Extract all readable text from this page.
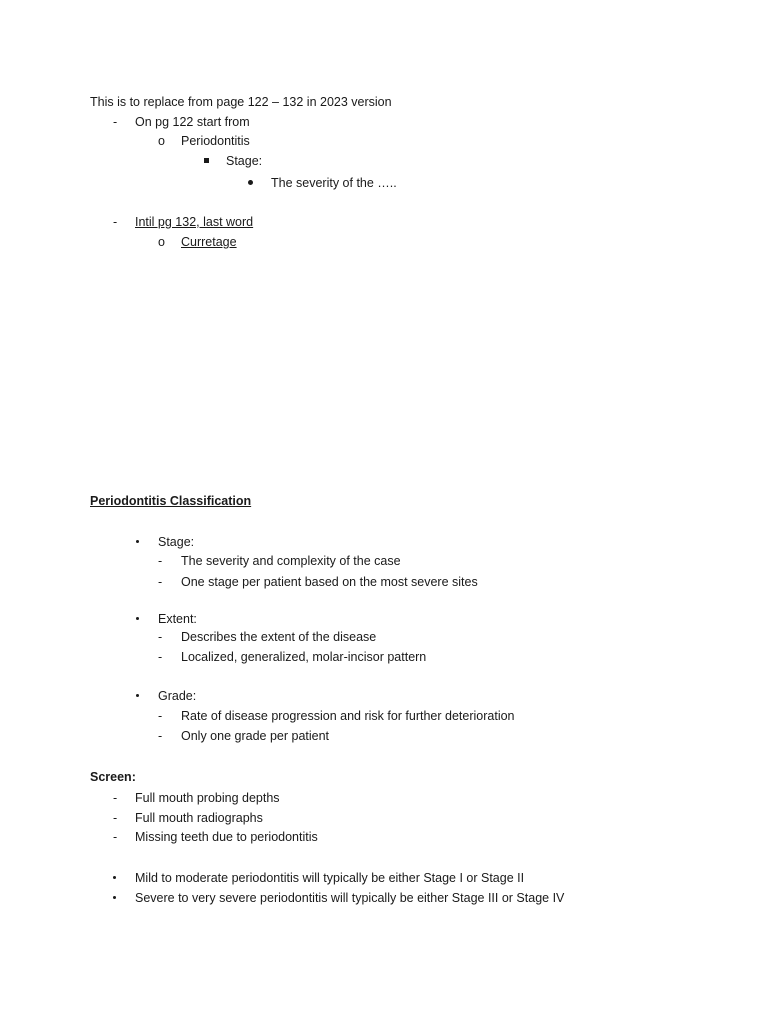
This is to replace from page 122 – 132 in 2023 version
- On pg 122 start from
o Periodontitis
Stage:
The severity of the …..
- Intil pg 132, last word
o Curretage
Periodontitis Classification
Stage:
- The severity and complexity of the case
- One stage per patient based on the most severe sites
Extent:
- Describes the extent of the disease
- Localized, generalized, molar-incisor pattern
Grade:
- Rate of disease progression and risk for further deterioration
- Only one grade per patient
Screen:
- Full mouth probing depths
- Full mouth radiographs
- Missing teeth due to periodontitis
Mild to moderate periodontitis will typically be either Stage I or Stage II
Severe to very severe periodontitis will typically be either Stage III or Stage IV
